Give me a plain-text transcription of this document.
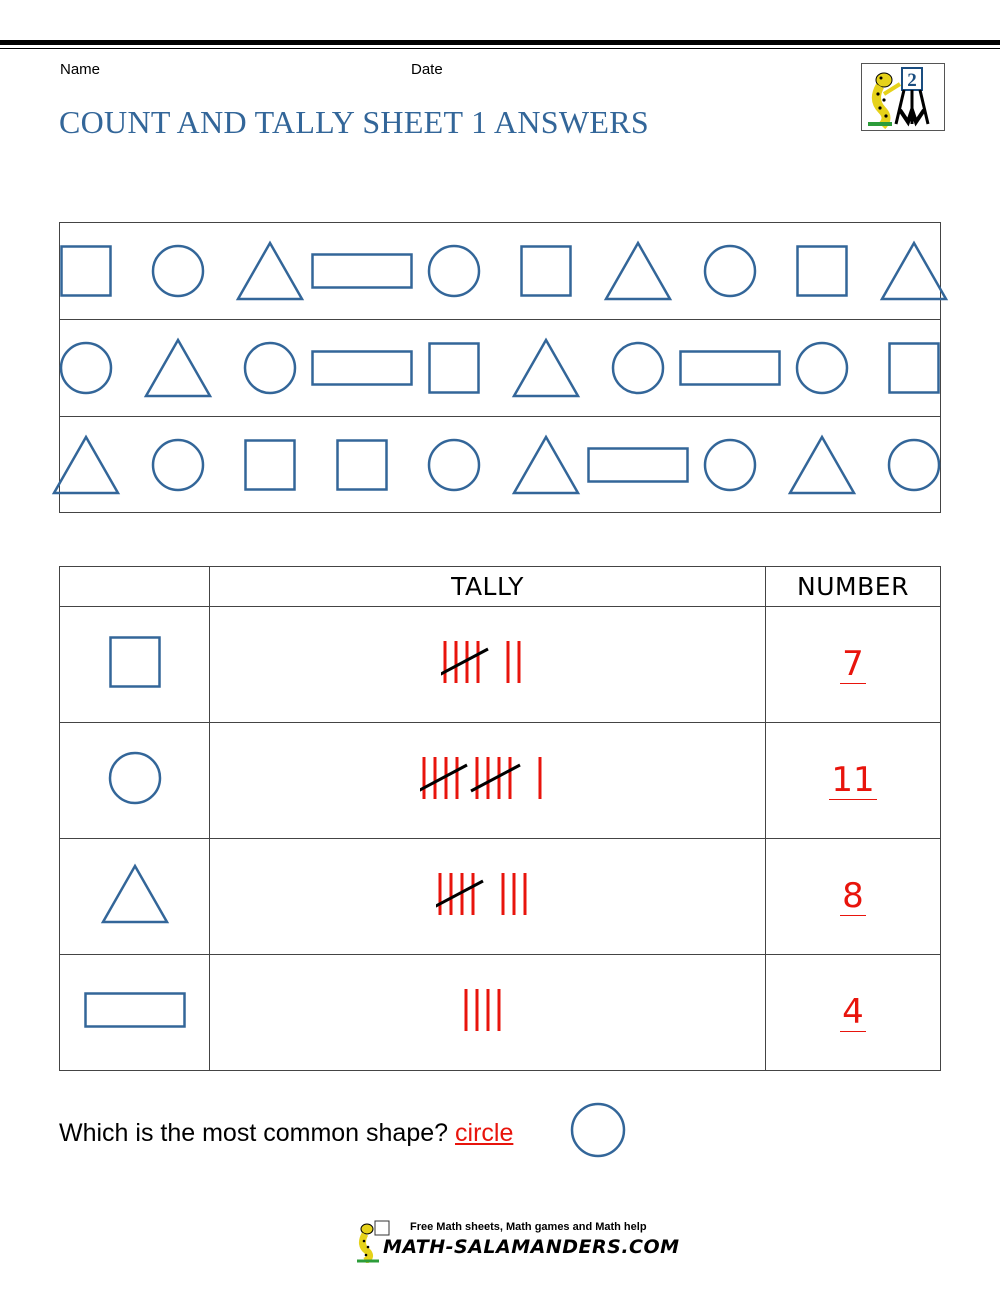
Name	Date
COUNT AND TALLY SHEET 1 ANSWERS
2
	TALLY	NUMBER
		7
		11
		8
		4
Which is the most common shape? circle
Free Math sheets, Math games and Math help
MATH-SALAMANDERS.COM
